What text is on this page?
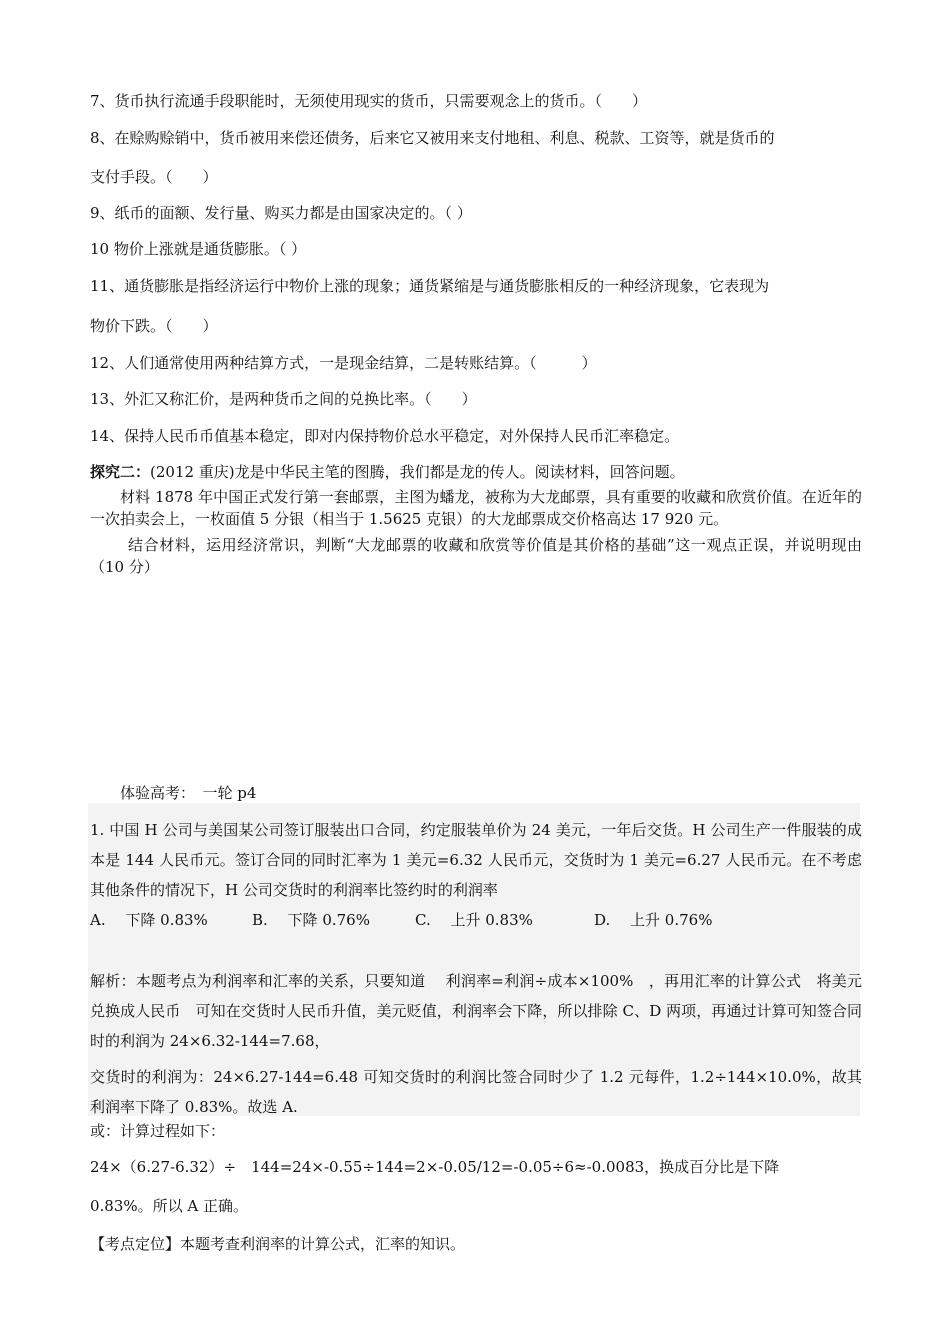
7、货币执行流通手段职能时，无须使用现实的货币，只需要观念上的货币。（　　）
8、在赊购赊销中，货币被用来偿还债务，后来它又被用来支付地租、利息、税款、工资等，就是货币的
支付手段。（　　）
9、纸币的面额、发行量、购买力都是由国家决定的。（ ）
10 物价上涨就是通货膨胀。（ ）
11、通货膨胀是指经济运行中物价上涨的现象；通货紧缩是与通货膨胀相反的一种经济现象，它表现为
物价下跌。（　　）
12、人们通常使用两种结算方式，一是现金结算，二是转账结算。（　　　）
13、外汇又称汇价，是两种货币之间的兑换比率。（　　）
14、保持人民币币值基本稳定，即对内保持物价总水平稳定，对外保持人民币汇率稳定。
探究二：(2012 重庆)龙是中华民主笔的图腾，我们都是龙的传人。阅读材料，回答问题。
材料 1878 年中国正式发行第一套邮票，主图为蟠龙，被称为大龙邮票，具有重要的收藏和欣赏价值。在近年的一次拍卖会上，一枚面值 5 分银（相当于 1.5625 克银）的大龙邮票成交价格高达 17 920 元。
结合材料，运用经济常识，判断“大龙邮票的收藏和欣赏等价值是其价格的基础”这一观点正误，并说明现由（10 分）
体验高考：　一轮 p4
1. 中国 H 公司与美国某公司签订服装出口合同，约定服装单价为 24 美元，一年后交货。H 公司生产一件服装的成本是 144 人民币元。签订合同的同时汇率为 1 美元=6.32 人民币元，交货时为 1 美元=6.27 人民币元。在不考虑其他条件的情况下，H 公司交货时的利润率比签约时的利润率
A.　 下降 0.83%	B.　 下降 0.76%	C.　 上升 0.83%	D.　 上升 0.76%
解析：本题考点为利润率和汇率的关系，只要知道　 利润率=利润÷成本×100%　，再用汇率的计算公式　将美元兑换成人民币　可知在交货时人民币升值，美元贬值，利润率会下降，所以排除 C、D 两项，再通过计算可知签合同时的利润为 24×6.32-144=7.68，
交货时的利润为：24×6.27-144=6.48 可知交货时的利润比签合同时少了 1.2 元每件，1.2÷144×10.0%，故其利润率下降了 0.83%。故选 A.
或：计算过程如下：
24×（6.27-6.32）÷　144=24×-0.55÷144=2×-0.05/12=-0.05÷6≈-0.0083，换成百分比是下降
0.83%。所以 A 正确。
【考点定位】本题考查利润率的计算公式，汇率的知识。
